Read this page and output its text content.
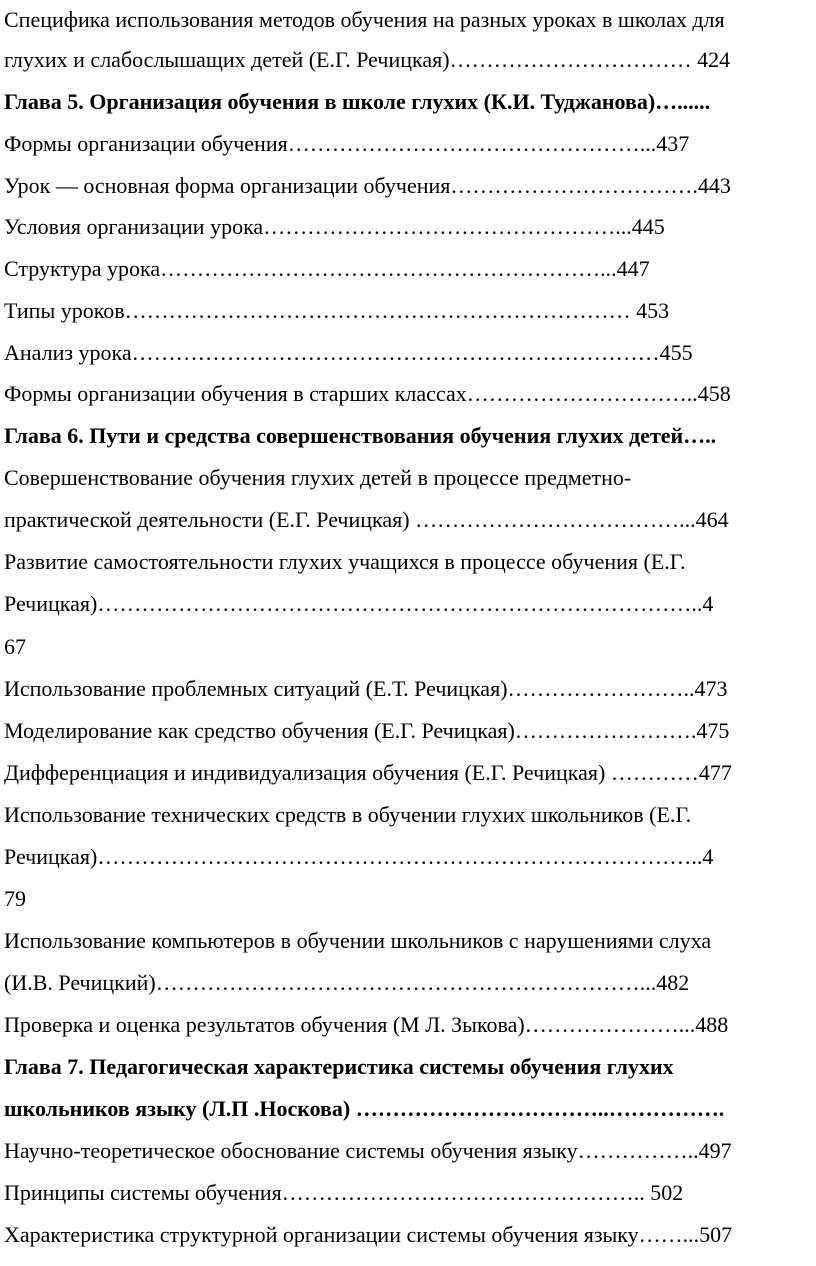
Специфика использования методов обучения на разных уроках в школах для
глухих и слабослышащих детей (Е.Г. Речицкая)…………………………… 424
Глава 5. Организация обучения в школе глухих (К.И. Туджанова)…......
Формы организации обучения…………………………………………...437
Урок — основная форма организации обучения…………………………….443
Условия организации урока…………………………………………...445
Структура урока……………………………………………………...447
Типы уроков…………………………………………………………… 453
Анализ урока………………………………………………………………455
Формы организации обучения в старших классах…………………………..458
Глава 6. Пути и средства совершенствования обучения глухих детей…..
Совершенствование обучения глухих детей в процессе предметно-
практической деятельности (Е.Г. Речицкая) ………………………………...464
Развитие самостоятельности глухих учащихся в процессе обучения (Е.Г.
Речицкая)………………………………………………………………………..4
67
Использование проблемных ситуаций (Е.Т. Речицкая)……………………..473
Моделирование как средство обучения (Е.Г. Речицкая)…………………….475
Дифференциация и индивидуализация обучения (Е.Г. Речицкая) …………477
Использование технических средств в обучении глухих школьников (Е.Г.
Речицкая)………………………………………………………………………..4
79
Использование компьютеров в обучении школьников с нарушениями слуха
(И.В. Речицкий)…………………………………………………………...482
Проверка и оценка результатов обучения (М Л. Зыкова)…………………...488
Глава 7. Педагогическая характеристика системы обучения глухих
школьников языку (Л.П .Носкова) ……………………………..…………….
Научно-теоретическое обоснование системы обучения языку……………..497
Принципы системы обучения………………………………………….. 502
Характеристика структурной организации системы обучения языку……...507
